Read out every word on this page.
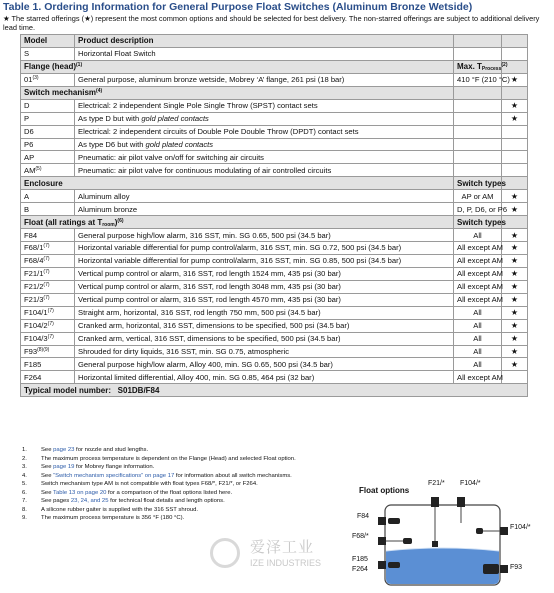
Table 1. Ordering Information for General Purpose Float Switches (Aluminum Bronze Wetside)
★ The starred offerings (★) represent the most common options and should be selected for best delivery. The non-starred offerings are subject to additional delivery lead time.
Model	Product description		
S	Horizontal Float Switch		
Flange (head)$^{(1)}$		Max. $T_{Process}^{(2)}$	
01$^{(3)}$	General purpose, aluminum bronze wetside, Mobrey ‘A’ flange, 261 psi (18 bar)	410 °F (210 °C)	★
Switch mechanism$^{(4)}$		
D	Electrical: 2 independent Single Pole Single Throw (SPST) contact sets		★
P	As type D but with gold plated contacts		★
D6	Electrical: 2 independent circuits of Double Pole Double Throw (DPDT) contact sets		
P6	As type D6 but with gold plated contacts		
AP	Pneumatic: air pilot valve on/off for switching air circuits		
AM$^{(5)}$	Pneumatic: air pilot valve for continuous modulating of air controlled circuits		
Enclosure		Switch types	
A	Aluminum alloy	AP or AM	★
B	Aluminum bronze	D, P, D6, or P6	★
Float (all ratings at $T_{room})^{(6)}$		Switch types	
F84	General purpose high/low alarm, 316 SST, min. SG 0.65, 500 psi (34.5 bar)	All	★
F68/1$^{(7)}$	Horizontal variable differential for pump control/alarm, 316 SST, min. SG 0.72, 500 psi (34.5 bar)	All except AM	★
F68/4$^{(7)}$	Horizontal variable differential for pump control/alarm, 316 SST, min. SG 0.85, 500 psi (34.5 bar)	All except AM	★
F21/1$^{(7)}$	Vertical pump control or alarm, 316 SST, rod length 1524 mm, 435 psi (30 bar)	All except AM	★
F21/2$^{(7)}$	Vertical pump control or alarm, 316 SST, rod length 3048 mm, 435 psi (30 bar)	All except AM	★
F21/3$^{(7)}$	Vertical pump control or alarm, 316 SST, rod length 4570 mm, 435 psi (30 bar)	All except AM	★
F104/1$^{(7)}$	Straight arm, horizontal, 316 SST, rod length 750 mm, 500 psi (34.5 bar)	All	★
F104/2$^{(7)}$	Cranked arm, horizontal, 316 SST, dimensions to be specified, 500 psi (34.5 bar)	All	★
F104/3$^{(7)}$	Cranked arm, vertical, 316 SST, dimensions to be specified, 500 psi (34.5 bar)	All	★
$F93^{(8)(9)}$	Shrouded for dirty liquids, 316 SST, min. SG 0.75, atmospheric	All	★
F185	General purpose high/low alarm, Alloy 400, min. SG 0.65, 500 psi (34.5 bar)	All	★
F264	Horizontal limited differential, Alloy 400, min. SG 0.85, 464 psi (32 bar)	All except AM	
Typical model number: S01DB/F84			
1.	See page 23 for nozzle and stud lengths.
2.	The maximum process temperature is dependent on the Flange (Head) and selected Float option.
3.	See page 19 for Mobrey flange information.
4.	See “Switch mechanism specifications” on page 17 for information about all switch mechanisms.
5.	Switch mechanism type AM is not compatible with float types F68/*, F21/*, or F264.
6.	See Table 13 on page 20 for a comparison of the float options listed here.
7.	See pages 23, 24, and 25 for technical float details and length options.
8.	A silicone rubber gaiter is supplied with the 316 SST shroud.
9.	The maximum process temperature is 356 °F (180 °C).
Float options
F21/* F104/*
F84
F104/*
F68/*
F185
F264	F93
爱泽工业
IZE INDUSTRIES
